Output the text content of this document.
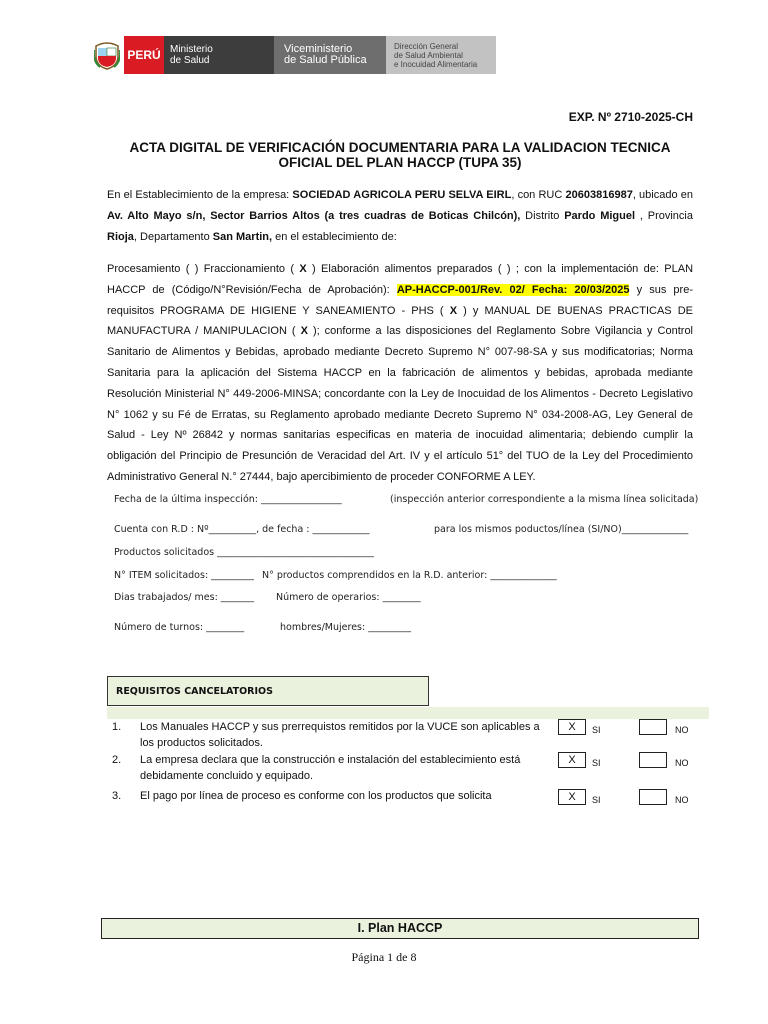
PERÚ Ministerio
de Salud
Viceministerio
de Salud Pública
Dirección General
de Salud Ambiental
e Inocuidad Alimentaria
EXP. Nº 2710-2025-CH
ACTA DIGITAL DE VERIFICACIÓN DOCUMENTARIA PARA LA VALIDACION TECNICA
OFICIAL DEL PLAN HACCP (TUPA 35)
En el Establecimiento de la empresa: SOCIEDAD AGRICOLA PERU SELVA EIRL, con RUC 20603816987, ubicado en Av. Alto Mayo s/n, Sector Barrios Altos (a tres cuadras de Boticas Chilcón), Distrito Pardo Miguel , Provincia Rioja, Departamento San Martin, en el establecimiento de:
Procesamiento ( ) Fraccionamiento ( X ) Elaboración alimentos preparados ( ) ; con la implementación de: PLAN HACCP de (Código/N°Revisión/Fecha de Aprobación): AP-HACCP-001/Rev. 02/ Fecha: 20/03/2025 y sus pre-requisitos PROGRAMA DE HIGIENE Y SANEAMIENTO - PHS ( X ) y MANUAL DE BUENAS PRACTICAS DE MANUFACTURA / MANIPULACION ( X ); conforme a las disposiciones del Reglamento Sobre Vigilancia y Control Sanitario de Alimentos y Bebidas, aprobado mediante Decreto Supremo N° 007-98-SA y sus modificatorias; Norma Sanitaria para la aplicación del Sistema HACCP en la fabricación de alimentos y bebidas, aprobada mediante Resolución Ministerial N° 449-2006-MINSA; concordante con la Ley de Inocuidad de los Alimentos - Decreto Legislativo N° 1062 y su Fé de Erratas, su Reglamento aprobado mediante Decreto Supremo N° 034-2008-AG, Ley General de Salud - Ley Nº 26842 y normas sanitarias especificas en materia de inocuidad alimentaria; debiendo cumplir la obligación del Principio de Presunción de Veracidad del Art. IV y el artículo 51° del TUO de la Ley del Procedimiento Administrativo General N.° 27444, bajo apercibimiento de proceder CONFORME A LEY.
Fecha de la última inspección: _________________	(inspección anterior correspondiente a la misma línea solicitada)
Cuenta con R.D : Nº__________, de fecha : ____________	para los mismos poductos/línea (SI/NO)______________
Productos solicitados _________________________________
N° ITEM solicitados: _________ N° productos comprendidos en la R.D. anterior: ______________
Dias trabajados/ mes: _______ Número de operarios: ________
Número de turnos: ________	hombres/Mujeres: _________
REQUISITOS CANCELATORIOS
1. Los Manuales HACCP y sus prerrequistos remitidos por la VUCE son aplicables a los productos solicitados.
X	SI	NO
2. La empresa declara que la construcción e instalación del establecimiento está debidamente concluido y equipado.
X	SI	NO
3. El pago por línea de proceso es conforme con los productos que solicita	X	SI	NO
I. Plan HACCP
Página 1 de 8
